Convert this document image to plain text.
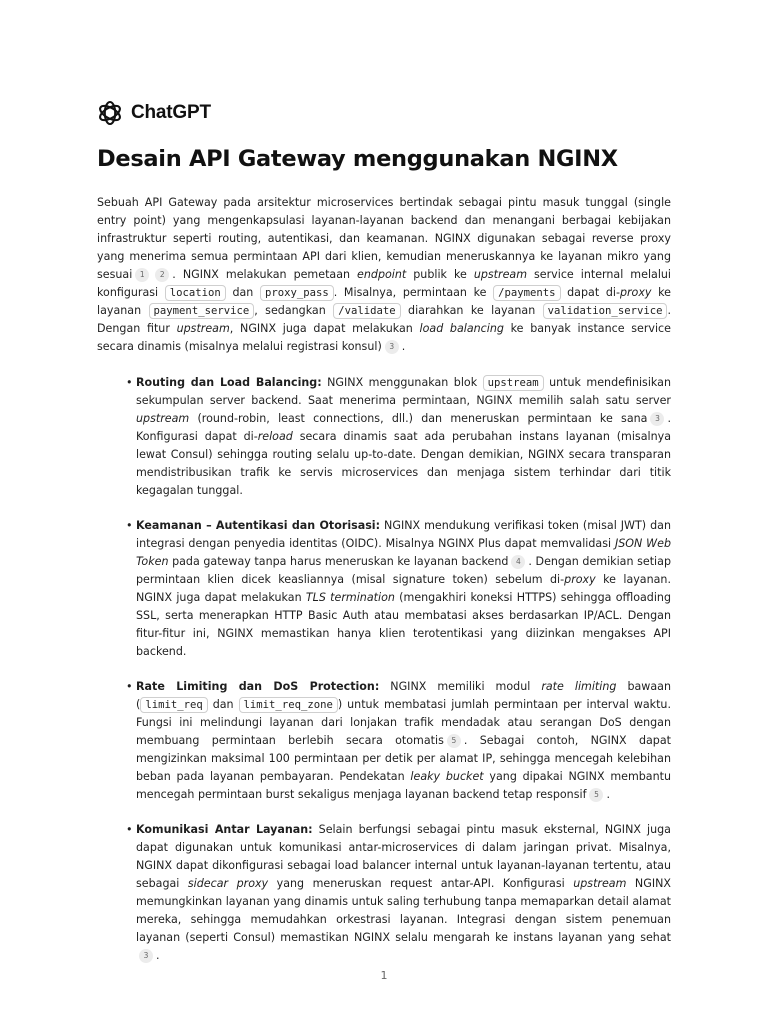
ChatGPT
Desain API Gateway menggunakan NGINX

Sebuah API Gateway pada arsitektur microservices bertindak sebagai pintu masuk tunggal (single entry point) yang mengenkapsulasi layanan-layanan backend dan menangani berbagai kebijakan infrastruktur seperti routing, autentikasi, dan keamanan. NGINX digunakan sebagai reverse proxy yang menerima semua permintaan API dari klien, kemudian meneruskannya ke layanan mikro yang sesuai 1 2 . NGINX melakukan pemetaan endpoint publik ke upstream service internal melalui konfigurasi location dan proxy_pass . Misalnya, permintaan ke /payments dapat di-proxy ke layanan payment_service , sedangkan /validate diarahkan ke layanan validation_service . Dengan fitur upstream, NGINX juga dapat melakukan load balancing ke banyak instance service secara dinamis (misalnya melalui registrasi konsul) 3 .

• Routing dan Load Balancing: NGINX menggunakan blok upstream untuk mendefinisikan sekumpulan server backend. Saat menerima permintaan, NGINX memilih salah satu server upstream (round-robin, least connections, dll.) dan meneruskan permintaan ke sana 3 . Konfigurasi dapat di-reload secara dinamis saat ada perubahan instans layanan (misalnya lewat Consul) sehingga routing selalu up-to-date. Dengan demikian, NGINX secara transparan mendistribusikan trafik ke servis microservices dan menjaga sistem terhindar dari titik kegagalan tunggal.
• Keamanan – Autentikasi dan Otorisasi: NGINX mendukung verifikasi token (misal JWT) dan integrasi dengan penyedia identitas (OIDC). Misalnya NGINX Plus dapat memvalidasi JSON Web Token pada gateway tanpa harus meneruskan ke layanan backend 4 . Dengan demikian setiap permintaan klien dicek keasliannya (misal signature token) sebelum di-proxy ke layanan. NGINX juga dapat melakukan TLS termination (mengakhiri koneksi HTTPS) sehingga offloading SSL, serta menerapkan HTTP Basic Auth atau membatasi akses berdasarkan IP/ACL. Dengan fitur-fitur ini, NGINX memastikan hanya klien terotentikasi yang diizinkan mengakses API backend.
• Rate Limiting dan DoS Protection: NGINX memiliki modul rate limiting bawaan ( limit_req dan limit_req_zone ) untuk membatasi jumlah permintaan per interval waktu. Fungsi ini melindungi layanan dari lonjakan trafik mendadak atau serangan DoS dengan membuang permintaan berlebih secara otomatis 5 . Sebagai contoh, NGINX dapat mengizinkan maksimal 100 permintaan per detik per alamat IP, sehingga mencegah kelebihan beban pada layanan pembayaran. Pendekatan leaky bucket yang dipakai NGINX membantu mencegah permintaan burst sekaligus menjaga layanan backend tetap responsif 5 .
• Komunikasi Antar Layanan: Selain berfungsi sebagai pintu masuk eksternal, NGINX juga dapat digunakan untuk komunikasi antar-microservices di dalam jaringan privat. Misalnya, NGINX dapat dikonfigurasi sebagai load balancer internal untuk layanan-layanan tertentu, atau sebagai sidecar proxy yang meneruskan request antar-API. Konfigurasi upstream NGINX memungkinkan layanan yang dinamis untuk saling terhubung tanpa memaparkan detail alamat mereka, sehingga memudahkan orkestrasi layanan. Integrasi dengan sistem penemuan layanan (seperti Consul) memastikan NGINX selalu mengarah ke instans layanan yang sehat3 .
1
